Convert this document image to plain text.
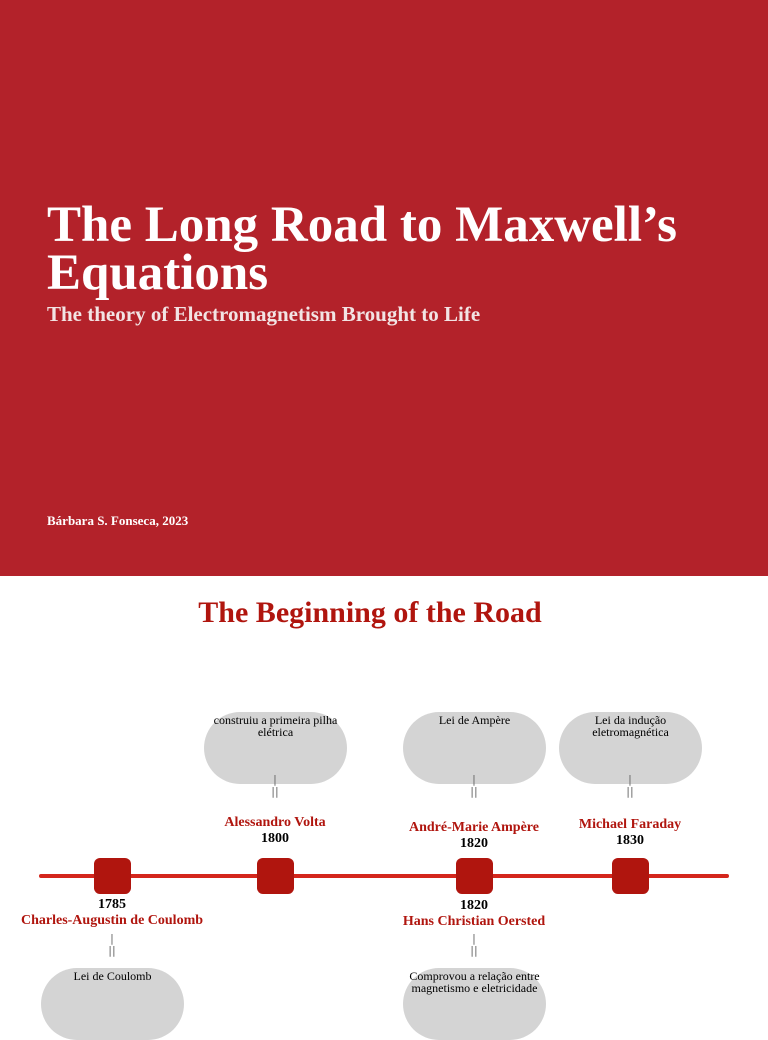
The Long Road to Maxwell’s Equations

The theory of Electromagnetism Brought to Life

Bárbara S. Fonseca, 2023

The Beginning of the Road
construiu a primeira pilha elétrica
|
||
Alessandro Volta
1800
Lei de Ampère
|
||
André-Marie Ampère
1820
Lei da indução eletromagnética
|
||
Michael Faraday
1830
1785
Charles-Augustin de Coulomb
|
||
Lei de Coulomb
1820
Hans Christian Oersted
|
||
Comprovou a relação entre magnetismo e eletricidade
